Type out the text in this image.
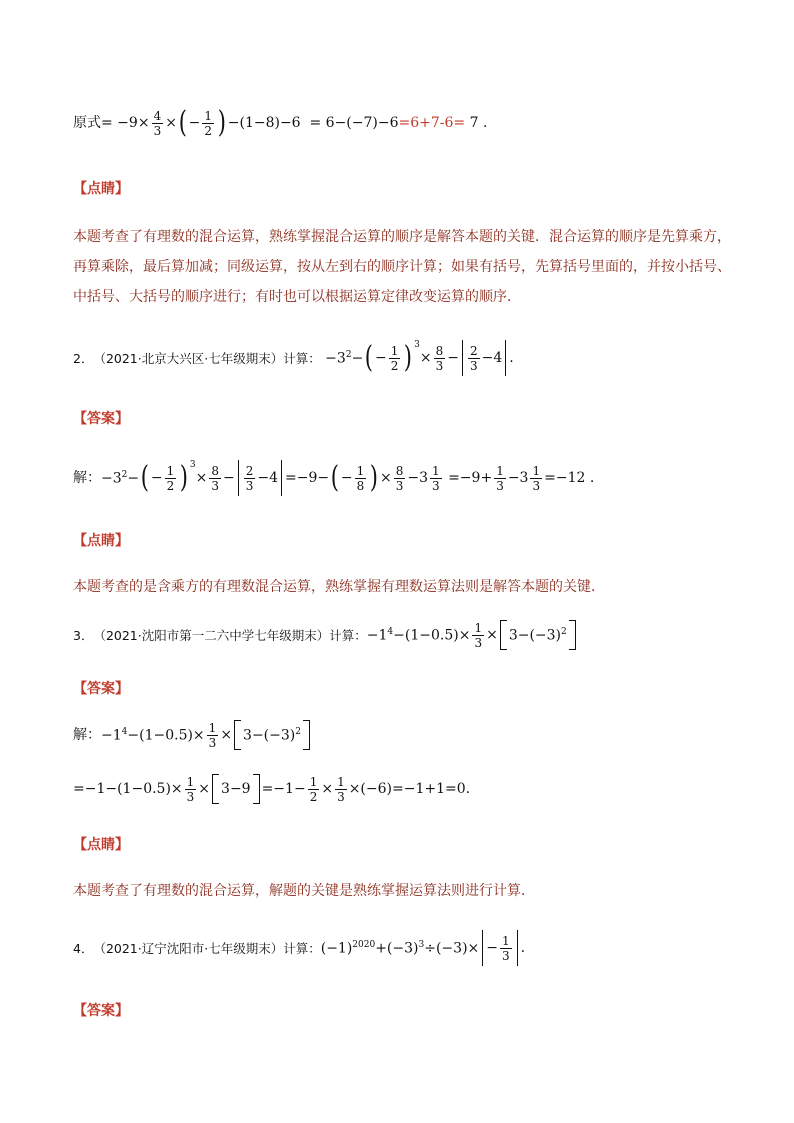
原式 = $-9\times \frac{4}{3}$ × ( − $\frac{1}{2}$ ) −(1−8)−6  = 6−(−7)−6 =6+7-6=
7
.
【点睛】
本题考查了有理数的混合运算，熟练掌握混合运算的顺序是解答本题的关键．混合运算的顺序是先算乘方，
再算乘除，最后算加减；同级运算，按从左到右的顺序计算；如果有括号，先算括号里面的，并按小括号、
中括号、大括号的顺序进行；有时也可以根据运算定律改变运算的顺序．
2． （2021·北京大兴区·七年级期末） 计算： $-3^2-$ ( − $\frac{1}{2} )^3$
× $\frac{8}{3} - \frac{2}{3} -4$ .
【答案】
解： $-3^2-$ ( − $\frac{1}{2} )^3$
× $\frac{8}{3} - \frac{2}{3} -4 =-9-$ ( − $\frac{1}{8}$ ) × $\frac{8}{3} -3 \frac{1}{3} =-9+ \frac{1}{3} -3 \frac{1}{3} =-12$ .
【点睛】
本题考查的是含乘方的有理数混合运算，熟练掌握有理数运算法则是解答本题的关键．
3． （2021·沈阳市第一二六中学七年级期末） 计算： $-1^4-(1-0.5)\times \frac{1}{3} \times 3-(-3)^2$
【答案】
解： $-1^4-(1-0.5)\times \frac{1}{3} \times 3-(-3)^2$
$=-1-(1-0.5)\times \frac{1}{3} \times 3-9 =-1- \frac{1}{2} \times \frac{1}{3} \times(-6)=-1+1=0$.
【点睛】
本题考查了有理数的混合运算，解题的关键是熟练掌握运算法则进行计算．
4． （2021·辽宁沈阳市·七年级期末） 计算： $(-1)^{2020}+(-3)^3\div(-3)\times - \frac{1}{3}$ .
【答案】
